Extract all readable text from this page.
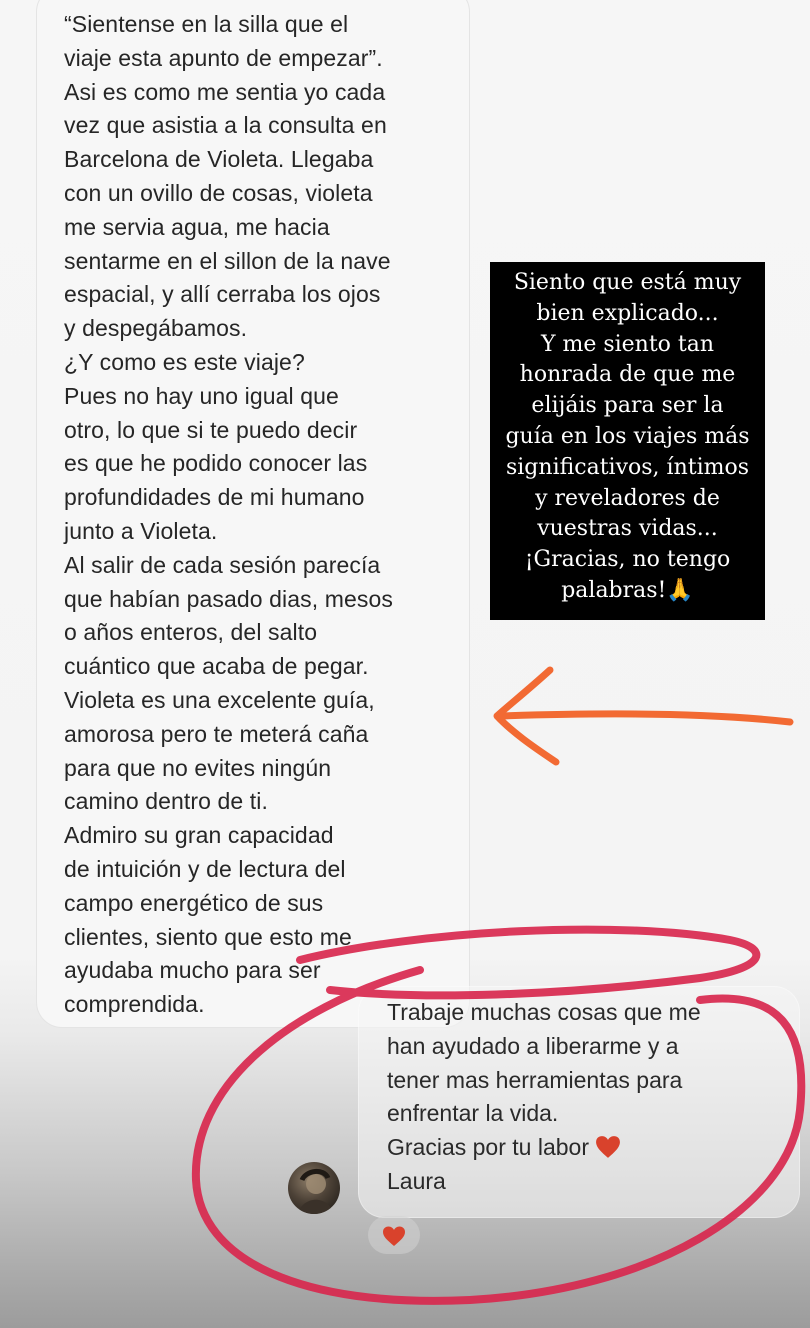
“Sientense en la silla que el
viaje esta apunto de empezar”.
Asi es como me sentia yo cada
vez que asistia a la consulta en
Barcelona de Violeta. Llegaba
con un ovillo de cosas, violeta
me servia agua, me hacia
sentarme en el sillon de la nave
espacial, y allí cerraba los ojos
y despegábamos.
¿Y como es este viaje?
Pues no hay uno igual que
otro, lo que si te puedo decir
es que he podido conocer las
profundidades de mi humano
junto a Violeta.
Al salir de cada sesión parecía
que habían pasado dias, mesos
o años enteros, del salto
cuántico que acaba de pegar.
Violeta es una excelente guía,
amorosa pero te meterá caña
para que no evites ningún
camino dentro de ti.
Admiro su gran capacidad
de intuición y de lectura del
campo energético de sus
clientes, siento que esto me
ayudaba mucho para ser
comprendida.
Siento que está muy
bien explicado...
Y me siento tan
honrada de que me
elijáis para ser la
guía en los viajes más
significativos, íntimos
y reveladores de
vuestras vidas...
¡Gracias, no tengo
palabras!🙏
Trabaje muchas cosas que me
han ayudado a liberarme y a
tener mas herramientas para
enfrentar la vida.
Gracias por tu labor
Laura
